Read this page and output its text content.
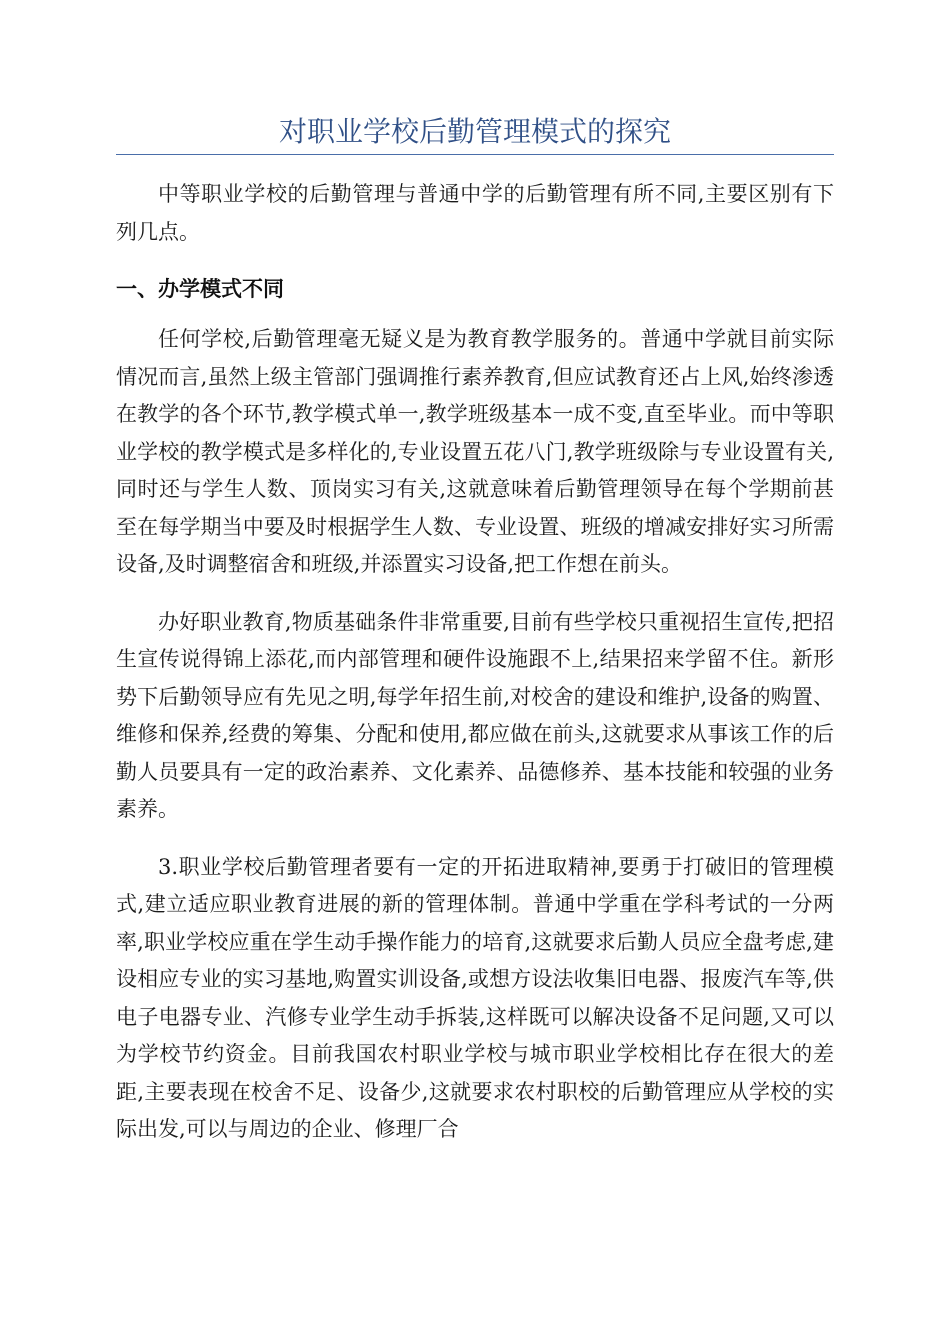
对职业学校后勤管理模式的探究

中等职业学校的后勤管理与普通中学的后勤管理有所不同,主要区别有下列几点。

一、办学模式不同

任何学校,后勤管理毫无疑义是为教育教学服务的。普通中学就目前实际情况而言,虽然上级主管部门强调推行素养教育,但应试教育还占上风,始终渗透在教学的各个环节,教学模式单一,教学班级基本一成不变,直至毕业。而中等职业学校的教学模式是多样化的,专业设置五花八门,教学班级除与专业设置有关,同时还与学生人数、顶岗实习有关,这就意味着后勤管理领导在每个学期前甚至在每学期当中要及时根据学生人数、专业设置、班级的增减安排好实习所需设备,及时调整宿舍和班级,并添置实习设备,把工作想在前头。

办好职业教育,物质基础条件非常重要,目前有些学校只重视招生宣传,把招生宣传说得锦上添花,而内部管理和硬件设施跟不上,结果招来学留不住。新形势下后勤领导应有先见之明,每学年招生前,对校舍的建设和维护,设备的购置、维修和保养,经费的筹集、分配和使用,都应做在前头,这就要求从事该工作的后勤人员要具有一定的政治素养、文化素养、品德修养、基本技能和较强的业务素养。

3.职业学校后勤管理者要有一定的开拓进取精神,要勇于打破旧的管理模式,建立适应职业教育进展的新的管理体制。普通中学重在学科考试的一分两率,职业学校应重在学生动手操作能力的培育,这就要求后勤人员应全盘考虑,建设相应专业的实习基地,购置实训设备,或想方设法收集旧电器、报废汽车等,供电子电器专业、汽修专业学生动手拆装,这样既可以解决设备不足问题,又可以为学校节约资金。目前我国农村职业学校与城市职业学校相比存在很大的差距,主要表现在校舍不足、设备少,这就要求农村职校的后勤管理应从学校的实际出发,可以与周边的企业、修理厂合
